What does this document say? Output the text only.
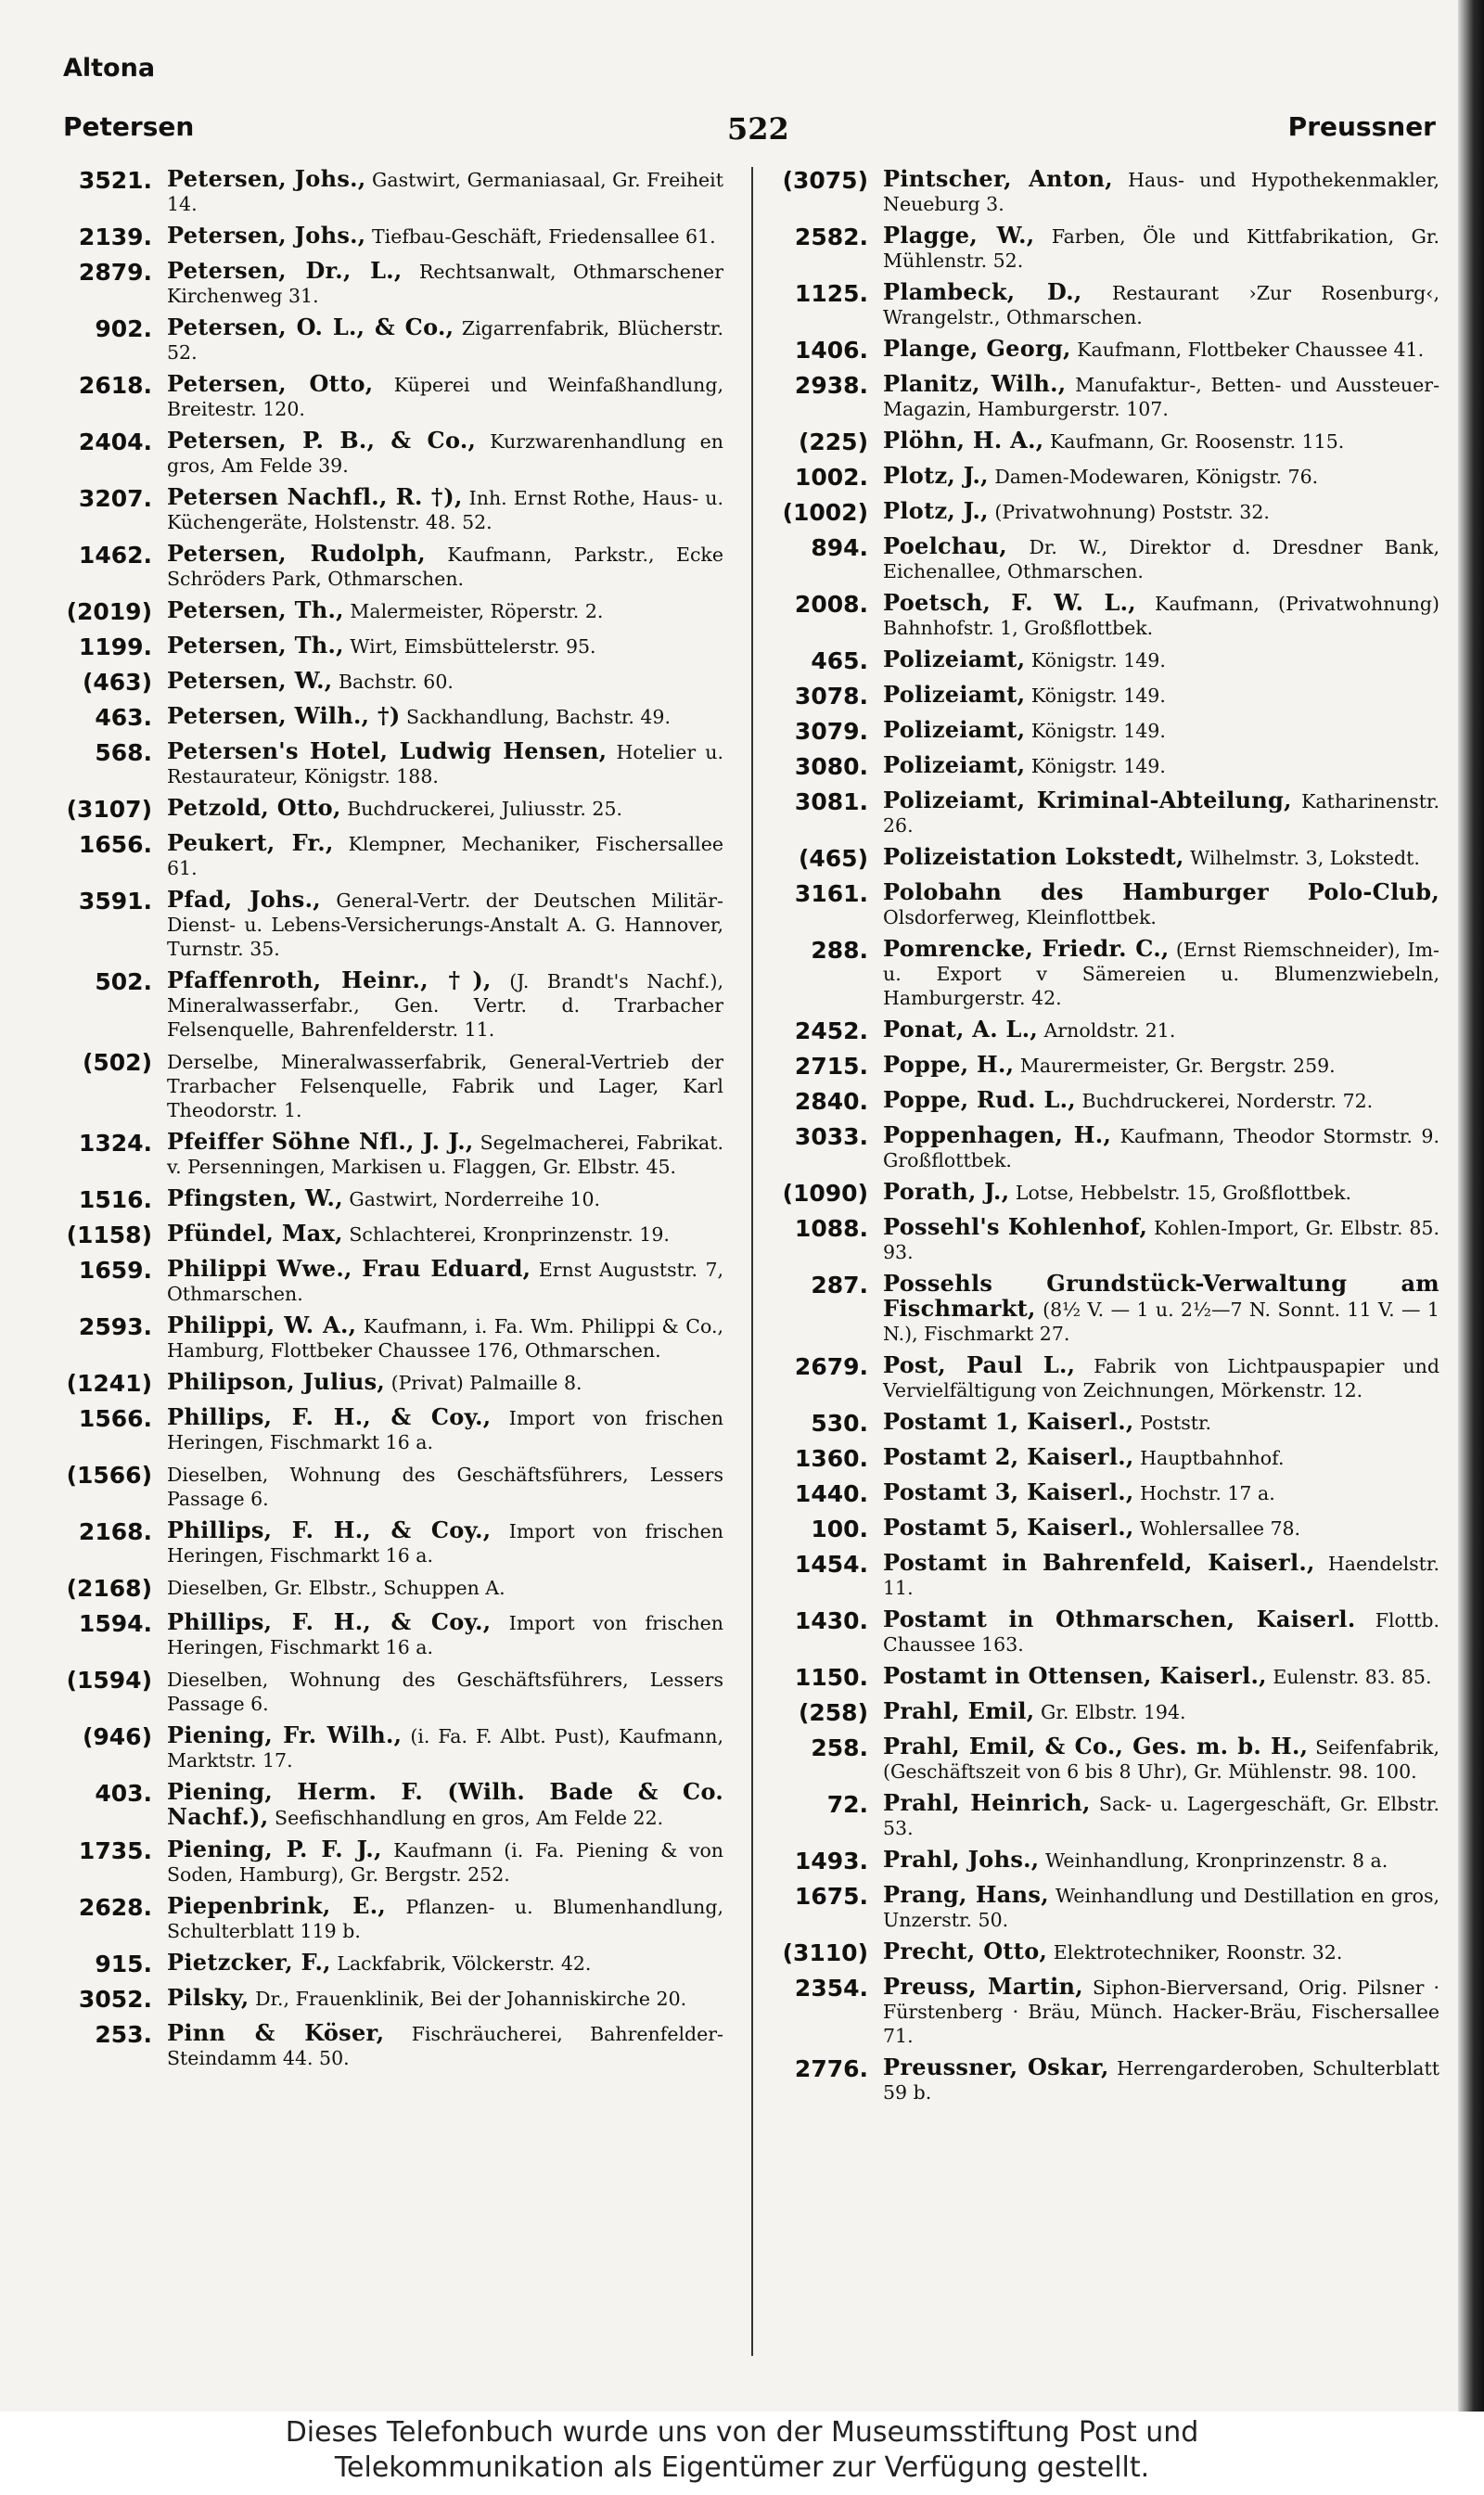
Altona
Petersen	522	Preussner
3521. Petersen, Johs., Gastwirt, Germaniasaal, Gr. Freiheit 14.
2139. Petersen, Johs., Tiefbau-Geschäft, Friedensallee 61.
2879. Petersen, Dr., L., Rechtsanwalt, Othmarschener Kirchenweg 31.
902. Petersen, O. L., & Co., Zigarrenfabrik, Blücherstr. 52.
2618. Petersen, Otto, Küperei und Weinfaßhandlung, Breitestr. 120.
2404. Petersen, P. B., & Co., Kurzwarenhandlung en gros, Am Felde 39.
3207. Petersen Nachfl., R. †), Inh. Ernst Rothe, Haus- u. Küchengeräte, Holstenstr. 48. 52.
1462. Petersen, Rudolph, Kaufmann, Parkstr., Ecke Schröders Park, Othmarschen.
(2019) Petersen, Th., Malermeister, Röperstr. 2.
1199. Petersen, Th., Wirt, Eimsbüttelerstr. 95.
(463) Petersen, W., Bachstr. 60.
463. Petersen, Wilh., †) Sackhandlung, Bachstr. 49.
568. Petersen's Hotel, Ludwig Hensen, Hotelier u. Restaurateur, Königstr. 188.
(3107) Petzold, Otto, Buchdruckerei, Juliusstr. 25.
1656. Peukert, Fr., Klempner, Mechaniker, Fischersallee 61.
3591. Pfad, Johs., General-Vertr. der Deutschen Militär-Dienst- u. Lebens-Versicherungs-Anstalt A. G. Hannover, Turnstr. 35.
502. Pfaffenroth, Heinr., †), (J. Brandt's Nachf.), Mineralwasserfabr., Gen. Vertr. d. Trarbacher Felsenquelle, Bahrenfelderstr. 11.
(502) Derselbe, Mineralwasserfabrik, General-Vertrieb der Trarbacher Felsenquelle, Fabrik und Lager, Karl Theodorstr. 1.
1324. Pfeiffer Söhne Nfl., J. J., Segelmacherei, Fabrikat. v. Persenningen, Markisen u. Flaggen, Gr. Elbstr. 45.
1516. Pfingsten, W., Gastwirt, Norderreihe 10.
(1158) Pfündel, Max, Schlachterei, Kronprinzenstr. 19.
1659. Philippi Wwe., Frau Eduard, Ernst Auguststr. 7, Othmarschen.
2593. Philippi, W. A., Kaufmann, i. Fa. Wm. Philippi & Co., Hamburg, Flottbeker Chaussee 176, Othmarschen.
(1241) Philipson, Julius, (Privat) Palmaille 8.
1566. Phillips, F. H., & Coy., Import von frischen Heringen, Fischmarkt 16 a.
(1566) Dieselben, Wohnung des Geschäftsführers, Lessers Passage 6.
2168. Phillips, F. H., & Coy., Import von frischen Heringen, Fischmarkt 16 a.
(2168) Dieselben, Gr. Elbstr., Schuppen A.
1594. Phillips, F. H., & Coy., Import von frischen Heringen, Fischmarkt 16 a.
(1594) Dieselben, Wohnung des Geschäftsführers, Lessers Passage 6.
(946) Piening, Fr. Wilh., (i. Fa. F. Albt. Pust), Kaufmann, Marktstr. 17.
403. Piening, Herm. F. (Wilh. Bade & Co. Nachf.), Seefischhandlung en gros, Am Felde 22.
1735. Piening, P. F. J., Kaufmann (i. Fa. Piening & von Soden, Hamburg), Gr. Bergstr. 252.
2628. Piepenbrink, E., Pflanzen- u. Blumenhandlung, Schulterblatt 119 b.
915. Pietzcker, F., Lackfabrik, Völckerstr. 42.
3052. Pilsky, Dr., Frauenklinik, Bei der Johanniskirche 20.
253. Pinn & Köser, Fischräucherei, Bahrenfelder-Steindamm 44. 50.
(3075) Pintscher, Anton, Haus- und Hypothekenmakler, Neueburg 3.
2582. Plagge, W., Farben, Öle und Kittfabrikation, Gr. Mühlenstr. 52.
1125. Plambeck, D., Restaurant ›Zur Rosenburg‹, Wrangelstr., Othmarschen.
1406. Plange, Georg, Kaufmann, Flottbeker Chaussee 41.
2938. Planitz, Wilh., Manufaktur-, Betten- und Aussteuer-Magazin, Hamburgerstr. 107.
(225) Plöhn, H. A., Kaufmann, Gr. Roosenstr. 115.
1002. Plotz, J., Damen-Modewaren, Königstr. 76.
(1002) Plotz, J., (Privatwohnung) Poststr. 32.
894. Poelchau, Dr. W., Direktor d. Dresdner Bank, Eichenallee, Othmarschen.
2008. Poetsch, F. W. L., Kaufmann, (Privatwohnung) Bahnhofstr. 1, Großflottbek.
465. Polizeiamt, Königstr. 149.
3078. Polizeiamt, Königstr. 149.
3079. Polizeiamt, Königstr. 149.
3080. Polizeiamt, Königstr. 149.
3081. Polizeiamt, Kriminal-Abteilung, Katharinenstr. 26.
(465) Polizeistation Lokstedt, Wilhelmstr. 3, Lokstedt.
3161. Polobahn des Hamburger Polo-Club, Olsdorferweg, Kleinflottbek.
288. Pomrencke, Friedr. C., (Ernst Riemschneider), Im- u. Export v Sämereien u. Blumenzwiebeln, Hamburgerstr. 42.
2452. Ponat, A. L., Arnoldstr. 21.
2715. Poppe, H., Maurermeister, Gr. Bergstr. 259.
2840. Poppe, Rud. L., Buchdruckerei, Norderstr. 72.
3033. Poppenhagen, H., Kaufmann, Theodor Stormstr. 9. Großflottbek.
(1090) Porath, J., Lotse, Hebbelstr. 15, Großflottbek.
1088. Possehl's Kohlenhof, Kohlen-Import, Gr. Elbstr. 85. 93.
287. Possehls Grundstück-Verwaltung am Fischmarkt, (8½ V. — 1 u. 2½—7 N. Sonnt. 11 V. — 1 N.), Fischmarkt 27.
2679. Post, Paul L., Fabrik von Lichtpauspapier und Vervielfältigung von Zeichnungen, Mörkenstr. 12.
530. Postamt 1, Kaiserl., Poststr.
1360. Postamt 2, Kaiserl., Hauptbahnhof.
1440. Postamt 3, Kaiserl., Hochstr. 17 a.
100. Postamt 5, Kaiserl., Wohlersallee 78.
1454. Postamt in Bahrenfeld, Kaiserl., Haendelstr. 11.
1430. Postamt in Othmarschen, Kaiserl. Flottb. Chaussee 163.
1150. Postamt in Ottensen, Kaiserl., Eulenstr. 83. 85.
(258) Prahl, Emil, Gr. Elbstr. 194.
258. Prahl, Emil, & Co., Ges. m. b. H., Seifenfabrik, (Geschäftszeit von 6 bis 8 Uhr), Gr. Mühlenstr. 98. 100.
72. Prahl, Heinrich, Sack- u. Lagergeschäft, Gr. Elbstr. 53.
1493. Prahl, Johs., Weinhandlung, Kronprinzenstr. 8 a.
1675. Prang, Hans, Weinhandlung und Destillation en gros, Unzerstr. 50.
(3110) Precht, Otto, Elektrotechniker, Roonstr. 32.
2354. Preuss, Martin, Siphon-Bierversand, Orig. Pilsner · Fürstenberg · Bräu, Münch. Hacker-Bräu, Fischersallee 71.
2776. Preussner, Oskar, Herrengarderoben, Schulterblatt 59 b.
Dieses Telefonbuch wurde uns von der Museumsstiftung Post und
Telekommunikation als Eigentümer zur Verfügung gestellt.
